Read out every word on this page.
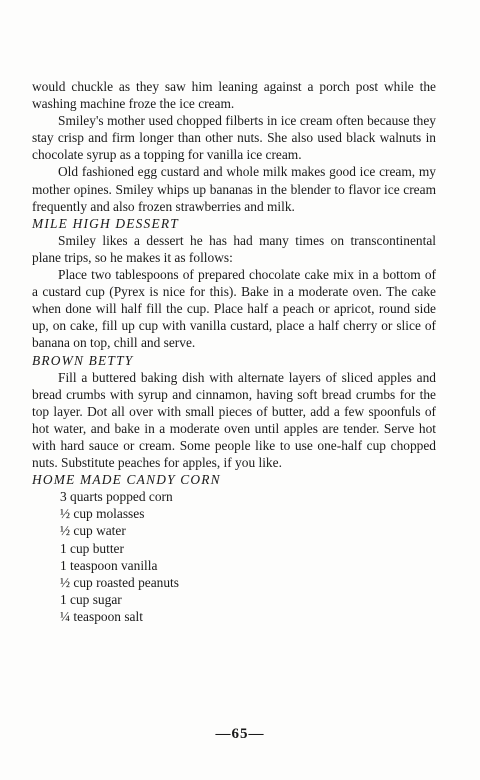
would chuckle as they saw him leaning against a porch post while the washing machine froze the ice cream.

Smiley's mother used chopped filberts in ice cream often because they stay crisp and firm longer than other nuts. She also used black walnuts in chocolate syrup as a topping for vanilla ice cream.

Old fashioned egg custard and whole milk makes good ice cream, my mother opines. Smiley whips up bananas in the blender to flavor ice cream frequently and also frozen strawberries and milk.

MILE HIGH DESSERT

Smiley likes a dessert he has had many times on transcontinental plane trips, so he makes it as follows:

Place two tablespoons of prepared chocolate cake mix in a bottom of a custard cup (Pyrex is nice for this). Bake in a moderate oven. The cake when done will half fill the cup. Place half a peach or apricot, round side up, on cake, fill up cup with vanilla custard, place a half cherry or slice of banana on top, chill and serve.

BROWN BETTY

Fill a buttered baking dish with alternate layers of sliced apples and bread crumbs with syrup and cinnamon, having soft bread crumbs for the top layer. Dot all over with small pieces of butter, add a few spoonfuls of hot water, and bake in a moderate oven until apples are tender. Serve hot with hard sauce or cream. Some people like to use one-half cup chopped nuts. Substitute peaches for apples, if you like.

HOME MADE CANDY CORN

3 quarts popped corn
½ cup molasses
½ cup water
1 cup butter
1 teaspoon vanilla
½ cup roasted peanuts
1 cup sugar
¼ teaspoon salt
—65—
